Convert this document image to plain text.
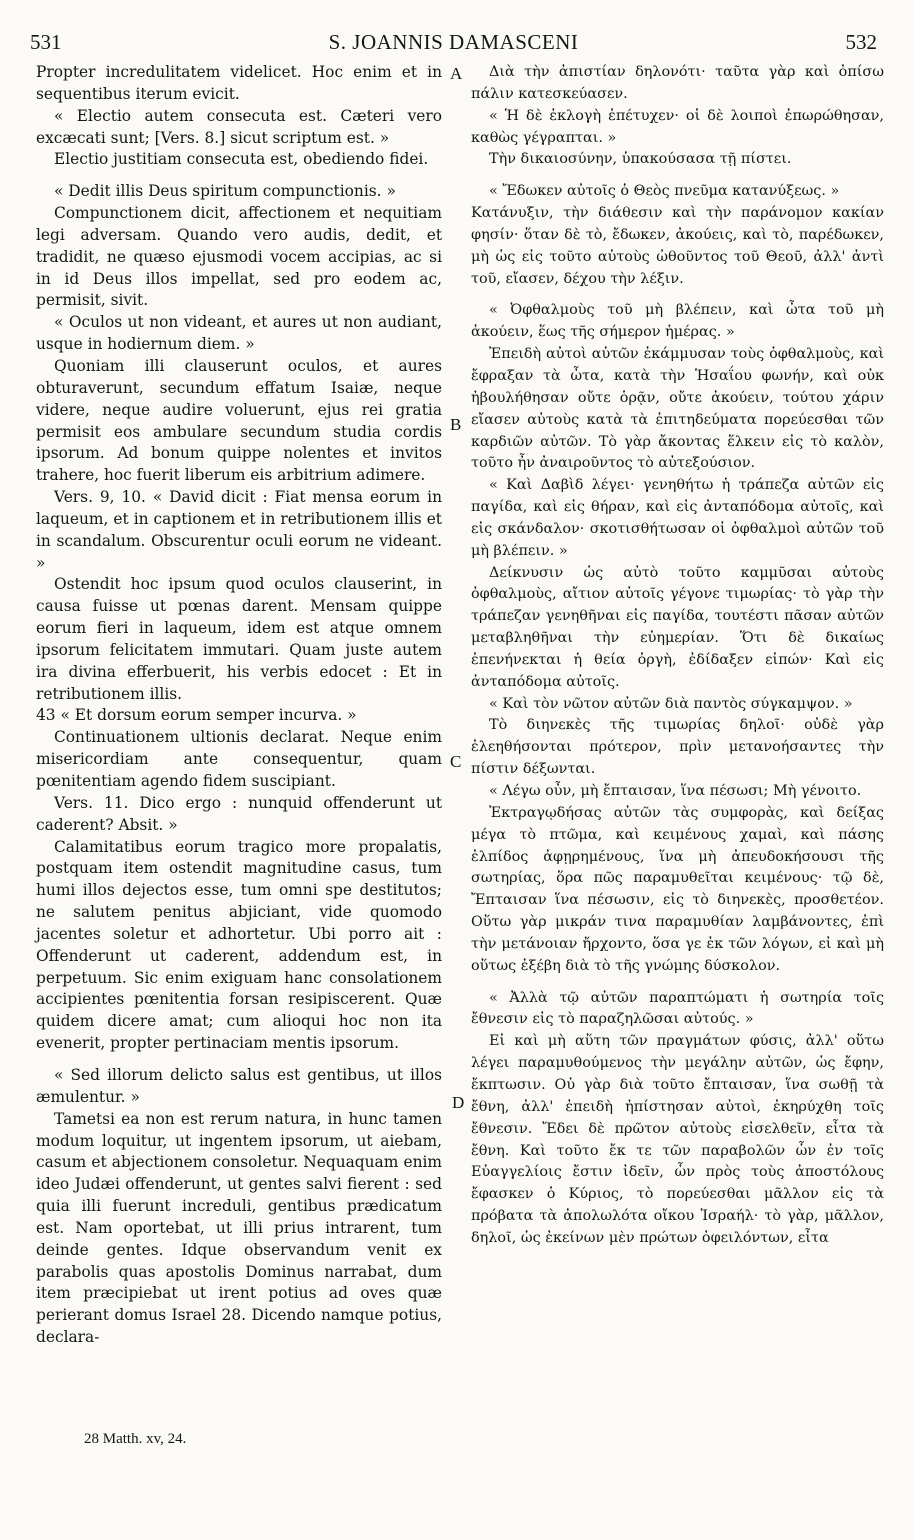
531	S. JOANNIS DAMASCENI	532
A
B
C
D

Propter incredulitatem videlicet. Hoc enim et in sequentibus iterum evicit.

« Electio autem consecuta est. Cæteri vero excæcati sunt; [Vers. 8.] sicut scriptum est. »

Electio justitiam consecuta est, obediendo fidei.

« Dedit illis Deus spiritum compunctionis. »

Compunctionem dicit, affectionem et nequitiam legi adversam. Quando vero audis, dedit, et tradidit, ne quæso ejusmodi vocem accipias, ac si in id Deus illos impellat, sed pro eodem ac, permisit, sivit.

« Oculos ut non videant, et aures ut non audiant, usque in hodiernum diem. »

Quoniam illi clauserunt oculos, et aures obturaverunt, secundum effatum Isaiæ, neque videre, neque audire voluerunt, ejus rei gratia permisit eos ambulare secundum studia cordis ipsorum. Ad bonum quippe nolentes et invitos trahere, hoc fuerit liberum eis arbitrium adimere.

Vers. 9, 10. « David dicit : Fiat mensa eorum in laqueum, et in captionem et in retributionem illis et in scandalum. Obscurentur oculi eorum ne videant. »

Ostendit hoc ipsum quod oculos clauserint, in causa fuisse ut pœnas darent. Mensam quippe eorum fieri in laqueum, idem est atque omnem ipsorum felicitatem immutari. Quam juste autem ira divina efferbuerit, his verbis edocet : Et in retributionem illis.

43 « Et dorsum eorum semper incurva. »

Continuationem ultionis declarat. Neque enim misericordiam ante consequentur, quam pœnitentiam agendo fidem suscipiant.

Vers. 11. Dico ergo : nunquid offenderunt ut caderent? Absit. »

Calamitatibus eorum tragico more propalatis, postquam item ostendit magnitudine casus, tum humi illos dejectos esse, tum omni spe destitutos; ne salutem penitus abjiciant, vide quomodo jacentes soletur et adhortetur. Ubi porro ait : Offenderunt ut caderent, addendum est, in perpetuum. Sic enim exiguam hanc consolationem accipientes pœnitentia forsan resipiscerent. Quæ quidem dicere amat; cum alioqui hoc non ita evenerit, propter pertinaciam mentis ipsorum.

« Sed illorum delicto salus est gentibus, ut illos æmulentur. »

Tametsi ea non est rerum natura, in hunc tamen modum loquitur, ut ingentem ipsorum, ut aiebam, casum et abjectionem consoletur. Nequaquam enim ideo Judæi offenderunt, ut gentes salvi fierent : sed quia illi fuerunt increduli, gentibus prædicatum est. Nam oportebat, ut illi prius intrarent, tum deinde gentes. Idque observandum venit ex parabolis quas apostolis Dominus narrabat, dum item præcipiebat ut irent potius ad oves quæ perierant domus Israel 28. Dicendo namque potius, declara-

Διὰ τὴν ἀπιστίαν δηλονότι· ταῦτα γὰρ καὶ ὀπίσω πάλιν κατεσκεύασεν.

« Ἡ δὲ ἐκλογὴ ἐπέτυχεν· οἱ δὲ λοιποὶ ἐπωρώθησαν, καθὼς γέγραπται. »

Τὴν δικαιοσύνην, ὑπακούσασα τῇ πίστει.

« Ἔδωκεν αὐτοῖς ὁ Θεὸς πνεῦμα κατανύξεως. »

Κατάνυξιν, τὴν διάθεσιν καὶ τὴν παράνομον κακίαν φησίν· ὅταν δὲ τὸ, ἔδωκεν, ἀκούεις, καὶ τὸ, παρέδωκεν, μὴ ὡς εἰς τοῦτο αὐτοὺς ὠθοῦντος τοῦ Θεοῦ, ἀλλ' ἀντὶ τοῦ, εἴασεν, δέχου τὴν λέξιν.

« Ὀφθαλμοὺς τοῦ μὴ βλέπειν, καὶ ὦτα τοῦ μὴ ἀκούειν, ἕως τῆς σήμερον ἡμέρας. »

Ἐπειδὴ αὐτοὶ αὐτῶν ἐκάμμυσαν τοὺς ὀφθαλμοὺς, καὶ ἔφραξαν τὰ ὦτα, κατὰ τὴν Ἡσαΐου φωνήν, καὶ οὐκ ἠβουλήθησαν οὔτε ὁρᾷν, οὔτε ἀκούειν, τούτου χάριν εἴασεν αὐτοὺς κατὰ τὰ ἐπιτηδεύματα πορεύεσθαι τῶν καρδιῶν αὐτῶν. Τὸ γὰρ ἄκοντας ἕλκειν εἰς τὸ καλὸν, τοῦτο ἦν ἀναιροῦντος τὸ αὐτεξούσιον.

« Καὶ Δαβὶδ λέγει· γενηθήτω ἡ τράπεζα αὐτῶν εἰς παγίδα, καὶ εἰς θήραν, καὶ εἰς ἀνταπόδομα αὐτοῖς, καὶ εἰς σκάνδαλον· σκοτισθήτωσαν οἱ ὀφθαλμοὶ αὐτῶν τοῦ μὴ βλέπειν. »

Δείκνυσιν ὡς αὐτὸ τοῦτο καμμῦσαι αὐτοὺς ὀφθαλμοὺς, αἴτιον αὐτοῖς γέγονε τιμωρίας· τὸ γὰρ τὴν τράπεζαν γενηθῆναι εἰς παγίδα, τουτέστι πᾶσαν αὐτῶν μεταβληθῆναι τὴν εὐημερίαν. Ὅτι δὲ δικαίως ἐπενήνεκται ἡ θεία ὀργὴ, ἐδίδαξεν εἰπών· Καὶ εἰς ἀνταπόδομα αὐτοῖς.

« Καὶ τὸν νῶτον αὐτῶν διὰ παντὸς σύγκαμψον. »

Τὸ διηνεκὲς τῆς τιμωρίας δηλοῖ· οὐδὲ γὰρ ἐλεηθήσονται πρότερον, πρὶν μετανοήσαντες τὴν πίστιν δέξωνται.

« Λέγω οὖν, μὴ ἔπταισαν, ἵνα πέσωσι; Μὴ γένοιτο.

Ἐκτραγῳδήσας αὐτῶν τὰς συμφορὰς, καὶ δείξας μέγα τὸ πτῶμα, καὶ κειμένους χαμαὶ, καὶ πάσης ἐλπίδος ἀφῃρημένους, ἵνα μὴ ἀπευδοκήσουσι τῆς σωτηρίας, ὅρα πῶς παραμυθεῖται κειμένους· τῷ δὲ, Ἔπταισαν ἵνα πέσωσιν, εἰς τὸ διηνεκὲς, προσθετέον. Οὕτω γὰρ μικράν τινα παραμυθίαν λαμβάνοντες, ἐπὶ τὴν μετάνοιαν ἤρχοντο, ὅσα γε ἐκ τῶν λόγων, εἰ καὶ μὴ οὕτως ἐξέβη διὰ τὸ τῆς γνώμης δύσκολον.

« Ἀλλὰ τῷ αὐτῶν παραπτώματι ἡ σωτηρία τοῖς ἔθνεσιν εἰς τὸ παραζηλῶσαι αὐτούς. »

Εἰ καὶ μὴ αὕτη τῶν πραγμάτων φύσις, ἀλλ' οὕτω λέγει παραμυθούμενος τὴν μεγάλην αὐτῶν, ὡς ἔφην, ἔκπτωσιν. Οὐ γὰρ διὰ τοῦτο ἔπταισαν, ἵνα σωθῇ τὰ ἔθνη, ἀλλ' ἐπειδὴ ἠπίστησαν αὐτοὶ, ἐκηρύχθη τοῖς ἔθνεσιν. Ἔδει δὲ πρῶτον αὐτοὺς εἰσελθεῖν, εἶτα τὰ ἔθνη. Καὶ τοῦτο ἔκ τε τῶν παραβολῶν ὧν ἐν τοῖς Εὐαγγελίοις ἔστιν ἰδεῖν, ὧν πρὸς τοὺς ἀποστόλους ἔφασκεν ὁ Κύριος, τὸ πορεύεσθαι μᾶλλον εἰς τὰ πρόβατα τὰ ἀπολωλότα οἴκου Ἰσραήλ· τὸ γὰρ, μᾶλλον, δηλοῖ, ὡς ἐκείνων μὲν πρώτων ὀφειλόντων, εἶτα

28 Matth. xv, 24.
